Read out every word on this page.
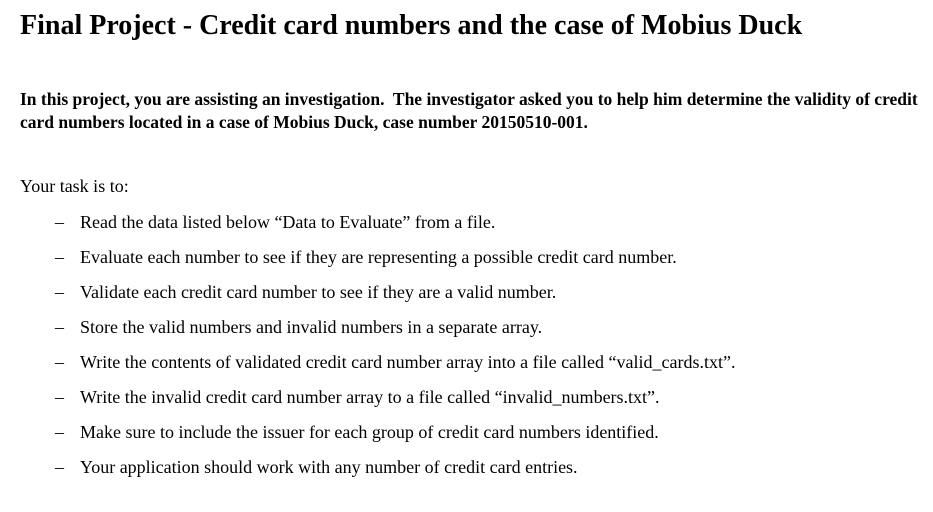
Final Project - Credit card numbers and the case of Mobius Duck

In this project, you are assisting an investigation.  The investigator asked you to help him determine the validity of credit card numbers located in a case of Mobius Duck, case number 20150510-001.

Your task is to:

– Read the data listed below “Data to Evaluate” from a file.
– Evaluate each number to see if they are representing a possible credit card number.
– Validate each credit card number to see if they are a valid number.
– Store the valid numbers and invalid numbers in a separate array.
– Write the contents of validated credit card number array into a file called “valid_cards.txt”.
– Write the invalid credit card number array to a file called “invalid_numbers.txt”.
– Make sure to include the issuer for each group of credit card numbers identified.
– Your application should work with any number of credit card entries.
